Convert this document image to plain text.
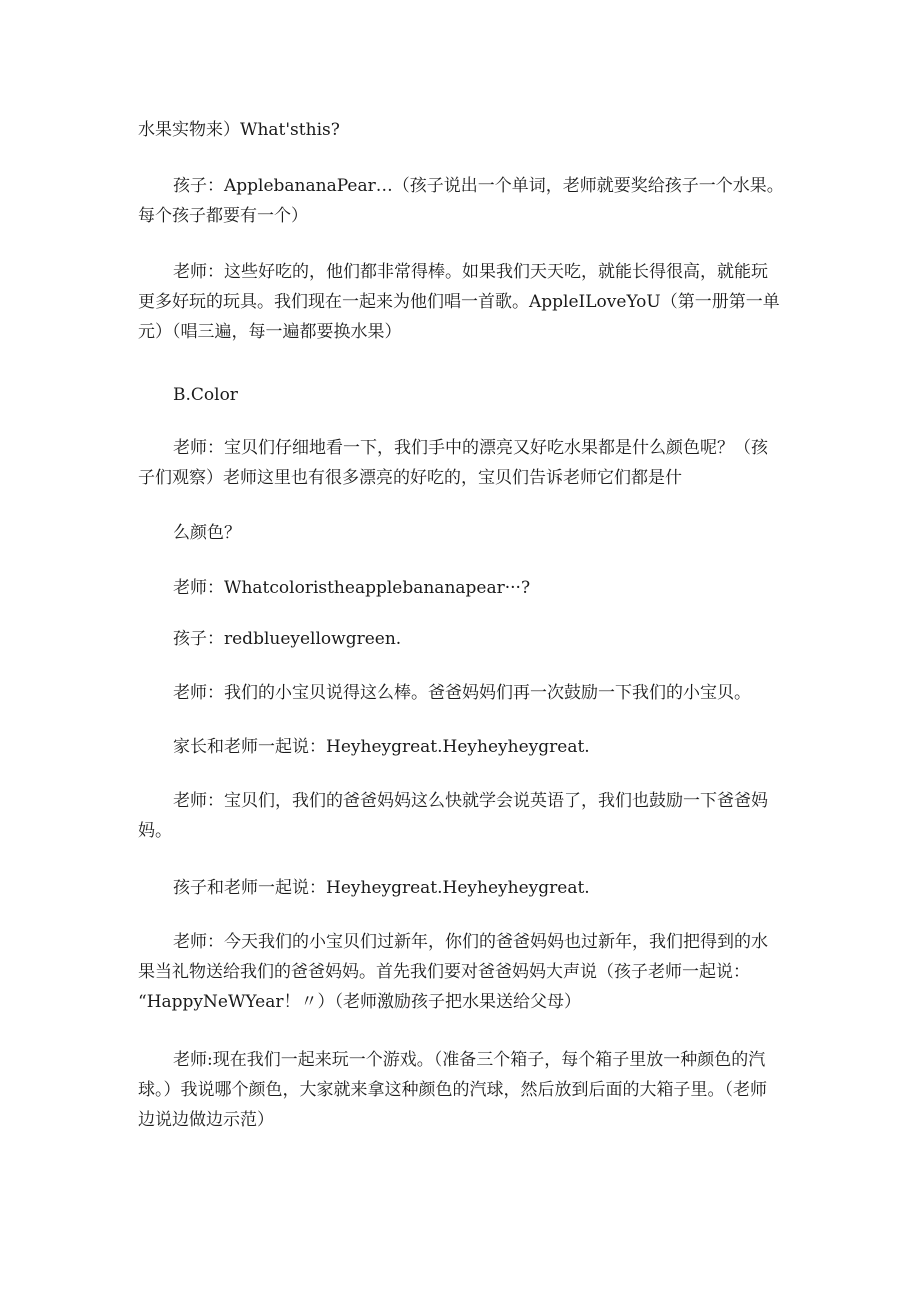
水果实物来）What'sthis?
孩子：ApplebananaPear…（孩子说出一个单词，老师就要奖给孩子一个水果。
每个孩子都要有一个）
老师：这些好吃的，他们都非常得棒。如果我们天天吃，就能长得很高，就能玩
更多好玩的玩具。我们现在一起来为他们唱一首歌。AppleILoveYoU（第一册第一单
元）（唱三遍，每一遍都要换水果）
B.Color
老师：宝贝们仔细地看一下，我们手中的漂亮又好吃水果都是什么颜色呢？（孩
子们观察）老师这里也有很多漂亮的好吃的，宝贝们告诉老师它们都是什
么颜色？
老师：Whatcoloristheapplebananapear···?
孩子：redblueyellowgreen.
老师：我们的小宝贝说得这么棒。爸爸妈妈们再一次鼓励一下我们的小宝贝。
家长和老师一起说：Heyheygreat.Heyheyheygreat.
老师：宝贝们，我们的爸爸妈妈这么快就学会说英语了，我们也鼓励一下爸爸妈
妈。
孩子和老师一起说：Heyheygreat.Heyheyheygreat.
老师：今天我们的小宝贝们过新年，你们的爸爸妈妈也过新年，我们把得到的水
果当礼物送给我们的爸爸妈妈。首先我们要对爸爸妈妈大声说（孩子老师一起说：
“HappyNeWYear！〃）（老师激励孩子把水果送给父母）
老师:现在我们一起来玩一个游戏。（准备三个箱子，每个箱子里放一种颜色的汽
球。）我说哪个颜色，大家就来拿这种颜色的汽球，然后放到后面的大箱子里。（老师
边说边做边示范）
